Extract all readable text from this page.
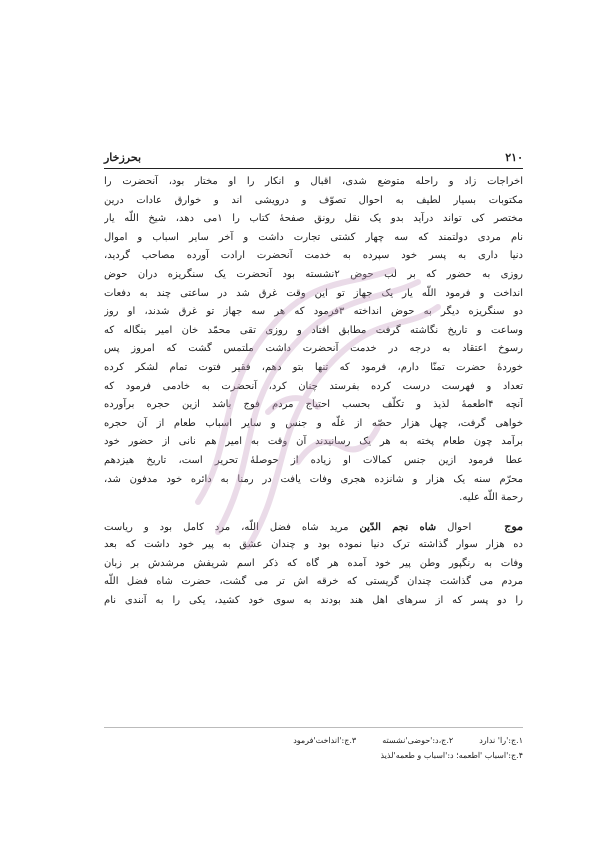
۲۱۰
بحرزخار
اخراجات زاد و راحله متوضع شدی، اقبال و انکار را او مختار بود، آنحضرت را
مکتوبات بسیار لطیف به احوال تصوّف و درویشی اند و خوارق عادات درین
مختصر کی تواند درآید بدو یک نقل رونق صفحهٔ کتاب را ۱می دهد، شیخ اللّه یار
نام مردی دولتمند که سه چهار کشتی تجارت داشت و آخر سایر اسباب و اموال
دنیا داری به پسر خود سپرده به خدمت آنحضرت ارادت آورده مصاحب گردید،
روزی به حضور که بر لب حوض ۲نشسته بود آنحضرت یک سنگریزه دران حوض
انداخت و فرمود اللّه یار یک جهاز تو این وقت غرق شد در ساعتی چند به دفعات
دو سنگریزه دیگر به حوض انداخته ۳فرمود که هر سه جهاز تو غرق شدند، او روز
وساعت و تاریخ نگاشته گرفت مطابق افتاد و روزی تقی محمّد خان امیر بنگاله که
رسوخ اعتقاد به درجه در خدمت آنحضرت داشت ملتمس گشت که امروز پس
خوردهٔ حضرت تمنّا دارم، فرمود که تنها بتو دهم، فقیر فتوت تمام لشکر کرده
تعداد و فهرست درست کرده بفرستد چنان کرد، آنحضرت به خادمی فرمود که
آنچه ۴اطعمهٔ لذیذ و تکلّف بحسب احتیاج مردم فوج باشد ازین حجره برآورده
خواهی گرفت، چهل هزار حصّه از غلّه و جنس و سایر اسباب طعام از آن حجره
برآمد چون طعام پخته به هر یک رسانیدند آن وقت به امیر هم نانی از حضور خود
عطا فرمود ازین جنس کمالات او زیاده از حوصلهٔ تحریر است، تاریخ هیزدهم
محرّم سنه یک هزار و شانزده هجری وفات یافت در رمنا به دائره خود مدفون شد،
رحمة اللّه علیه.
موج   احوال شاه نجم الدّین مرید شاه فضل اللّه، مرد کامل بود و ریاست
ده هزار سوار گذاشته ترک دنیا نموده بود و چندان عشق به پیر خود داشت که بعد
وفات به رنگپور وطن پیر خود آمده هر گاه که ذکر اسم شریفش مرشدش بر زبان
مردم می گذاشت چندان گریستی که خرقه اش تر می گشت، حضرت شاه فضل اللّه
را دو پسر که از سرهای اهل هند بودند به سوی خود کشید، یکی را به آنندی نام
۱.ج:'را' ندارد
۲.ج،د:'حوضی'نشسته
۳.ج:'انداخت'فرمود
۴.ج:'اسباب 'اطعمه؛ د:'اسباب و طعمه'لذیذ
